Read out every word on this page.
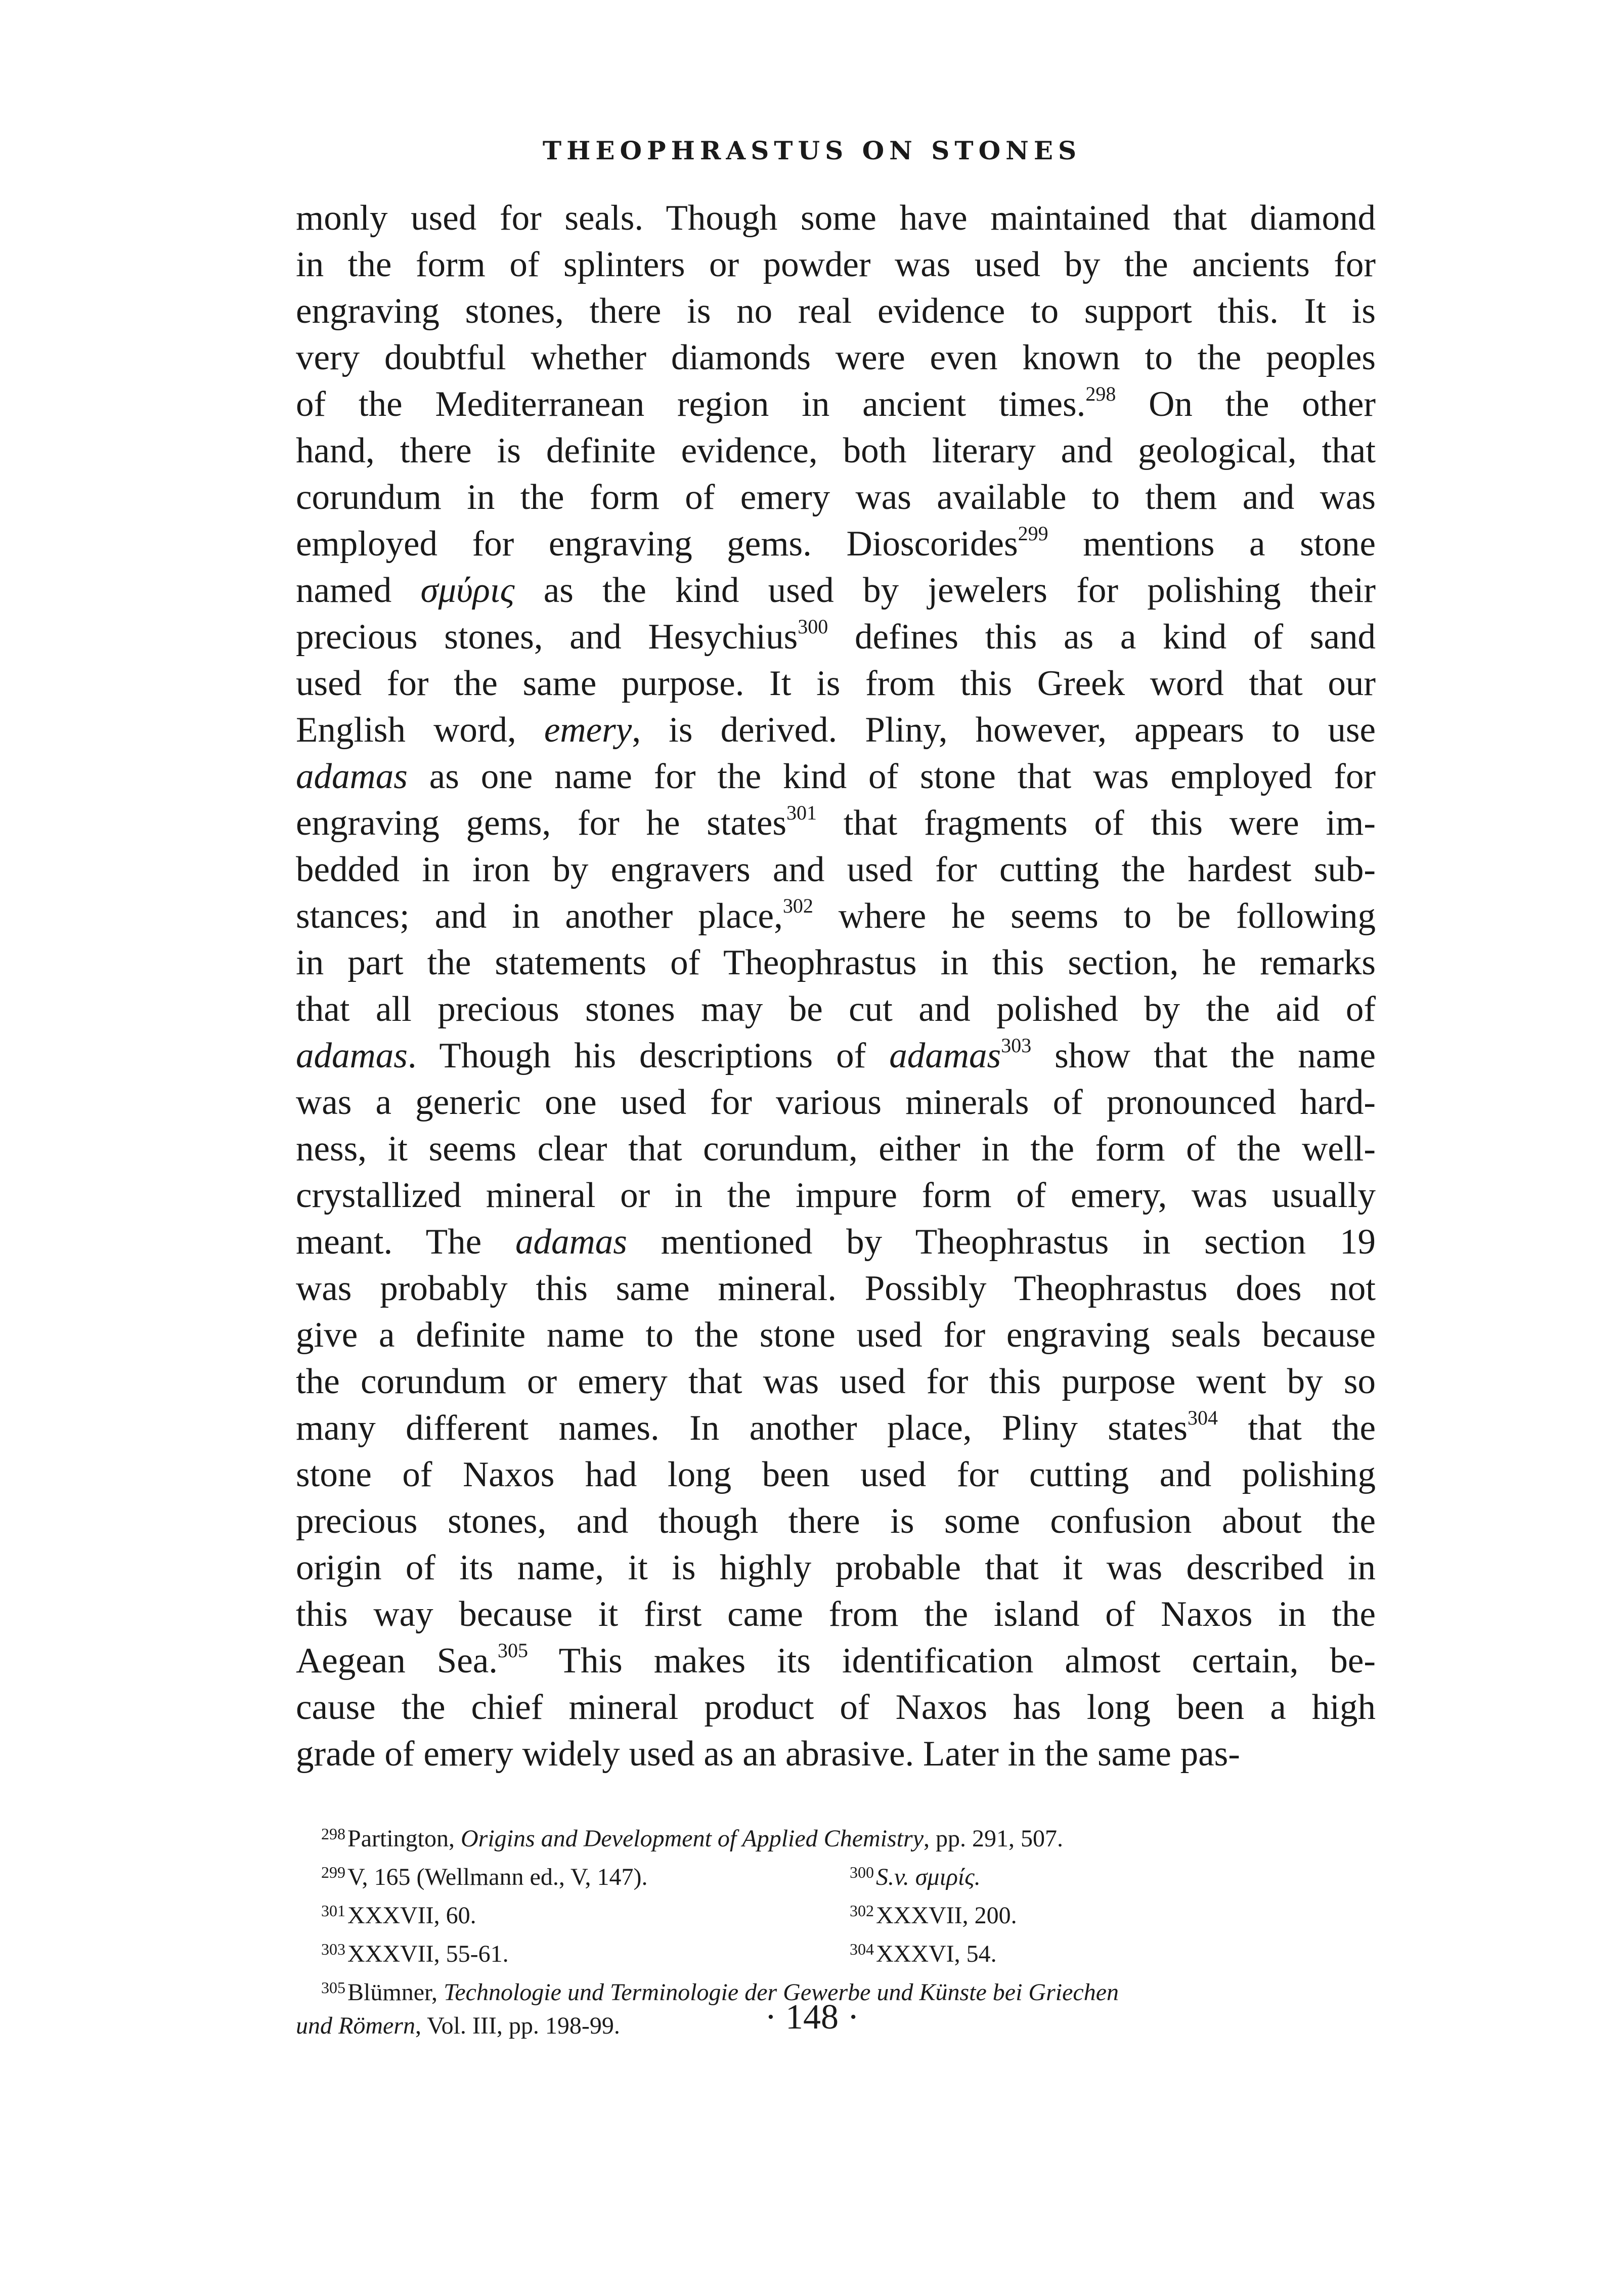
THEOPHRASTUS ON STONES
monly used for seals. Though some have maintained that diamond
in the form of splinters or powder was used by the ancients for
engraving stones, there is no real evidence to support this. It is
very doubtful whether diamonds were even known to the peoples
of the Mediterranean region in ancient times.$^{298}$ On the other
hand, there is definite evidence, both literary and geological, that
corundum in the form of emery was available to them and was
employed for engraving gems. Dioscorides$^{299}$ mentions a stone
named σμύρις as the kind used by jewelers for polishing their
precious stones, and Hesychius$^{300}$ defines this as a kind of sand
used for the same purpose. It is from this Greek word that our
English word, emery, is derived. Pliny, however, appears to use
adamas as one name for the kind of stone that was employed for
engraving gems, for he states$^{301}$ that fragments of this were im-
bedded in iron by engravers and used for cutting the hardest sub-
stances; and in another place,$^{302}$ where he seems to be following
in part the statements of Theophrastus in this section, he remarks
that all precious stones may be cut and polished by the aid of
adamas. Though his descriptions of adamas$^{303}$ show that the name
was a generic one used for various minerals of pronounced hard-
ness, it seems clear that corundum, either in the form of the well-
crystallized mineral or in the impure form of emery, was usually
meant. The adamas mentioned by Theophrastus in section 19
was probably this same mineral. Possibly Theophrastus does not
give a definite name to the stone used for engraving seals because
the corundum or emery that was used for this purpose went by so
many different names. In another place, Pliny states$^{304}$ that the
stone of Naxos had long been used for cutting and polishing
precious stones, and though there is some confusion about the
origin of its name, it is highly probable that it was described in
this way because it first came from the island of Naxos in the
Aegean Sea.$^{305}$ This makes its identification almost certain, be-
cause the chief mineral product of Naxos has long been a high
grade of emery widely used as an abrasive. Later in the same pas-
$^{298}$Partington, Origins and Development of Applied Chemistry, pp. 291, 507.
$^{299}$V, 165 (Wellmann ed., V, 147).	$^{300}$S.v. σμιρίς.
$^{301}$XXXVII, 60.	$^{302}$XXXVII, 200.
$^{303}$XXXVII, 55-61.	$^{304}$XXXVI, 54.
$^{305}$Blümner, Technologie und Terminologie der Gewerbe und Künste bei Griechen
und Römern, Vol. III, pp. 198-99.	· 148 ·
